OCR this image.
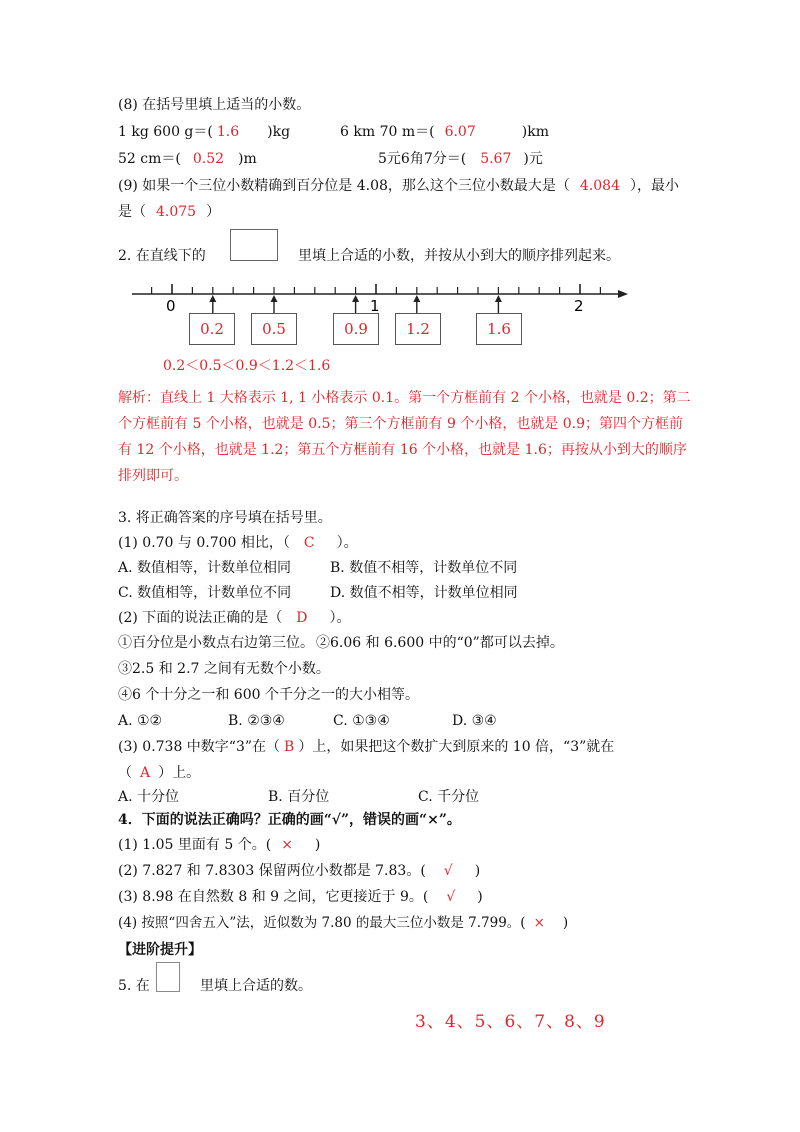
(8) 在括号里填上适当的小数。
1 kg 600 g＝( 1.6 )kg	6 km 70 m＝( 6.07	)km
52 cm＝( 0.52 )m	5元6角7分＝( 5.67 )元
(9) 如果一个三位小数精确到百分位是 4.08，那么这个三位小数最大是（ 4.084 ），最小
是（ 4.075 ）
2. 在直线下的	里填上合适的小数，并按从小到大的顺序排列起来。
0	1	2
0.2	0.5	0.9	1.2	1.6
0.2＜0.5＜0.9＜1.2＜1.6
解析：直线上 1 大格表示 1, 1 小格表示 0.1。第一个方框前有 2 个小格，也就是 0.2；第二
个方框前有 5 个小格，也就是 0.5；第三个方框前有 9 个小格，也就是 0.9；第四个方框前
有 12 个小格，也就是 1.2；第五个方框前有 16 个小格，也就是 1.6；再按从小到大的顺序
排列即可。
3. 将正确答案的序号填在括号里。
(1) 0.70 与 0.700 相比，（ C ）。
A. 数值相等，计数单位相同	B. 数值不相等，计数单位不同
C. 数值相等，计数单位不同	D. 数值不相等，计数单位相同
(2) 下面的说法正确的是（ D ）。
①百分位是小数点右边第三位。 ②6.06 和 6.600 中的“0”都可以去掉。
③2.5 和 2.7 之间有无数个小数。
④6 个十分之一和 600 个千分之一的大小相等。
A. ①②	B. ②③④	C. ①③④	D. ③④
(3) 0.738 中数字“3”在（ B ）上，如果把这个数扩大到原来的 10 倍，“3”就在
（ A ）上。
A. 十分位	B. 百分位	C. 千分位
4．下面的说法正确吗？正确的画“√”，错误的画“×”。
(1) 1.05 里面有 5 个。( × )
(2) 7.827 和 7.8303 保留两位小数都是 7.83。( √ )
(3) 8.98 在自然数 8 和 9 之间，它更接近于 9。( √ )
(4) 按照“四舍五入”法，近似数为 7.80 的最大三位小数是 7.799。( × )
【进阶提升】
5. 在	里填上合适的数。
3、4、5、6、7、8、9
